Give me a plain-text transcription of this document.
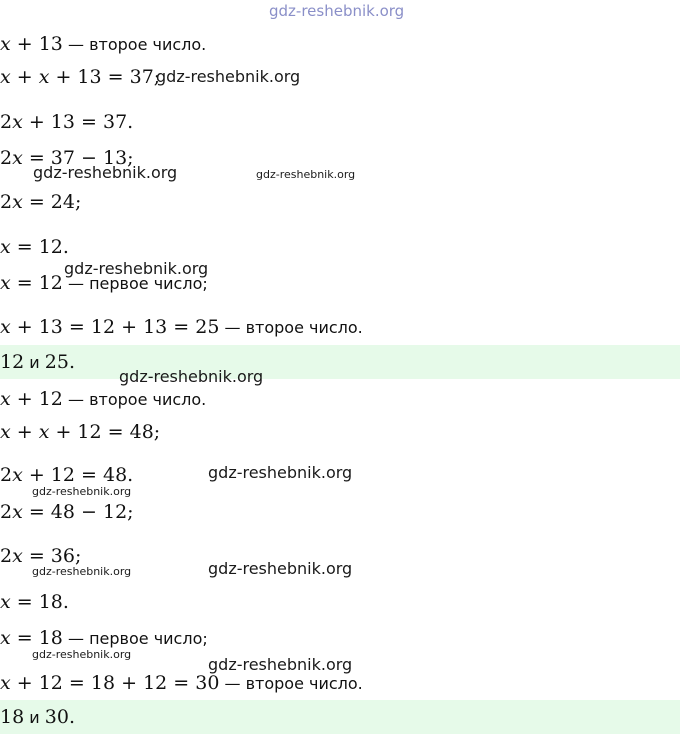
gdz-reshebnik.org
x + 13 — второе число.
x + x + 13 = 37;
2x + 13 = 37.
2x = 37 − 13;
2x = 24;
x = 12.
x = 12 — первое число;
x + 13 = 12 + 13 = 25 — второе число.
12 и 25.
x + 12 — второе число.
x + x + 12 = 48;
2x + 12 = 48.
2x = 48 − 12;
2x = 36;
x = 18.
x = 18 — первое число;
x + 12 = 18 + 12 = 30 — второе число.
18 и 30.
gdz-reshebnik.org
gdz-reshebnik.org	gdz-reshebnik.org
gdz-reshebnik.org
gdz-reshebnik.org
gdz-reshebnik.org
gdz-reshebnik.org
gdz-reshebnik.org	gdz-reshebnik.org
gdz-reshebnik.org
gdz-reshebnik.org
